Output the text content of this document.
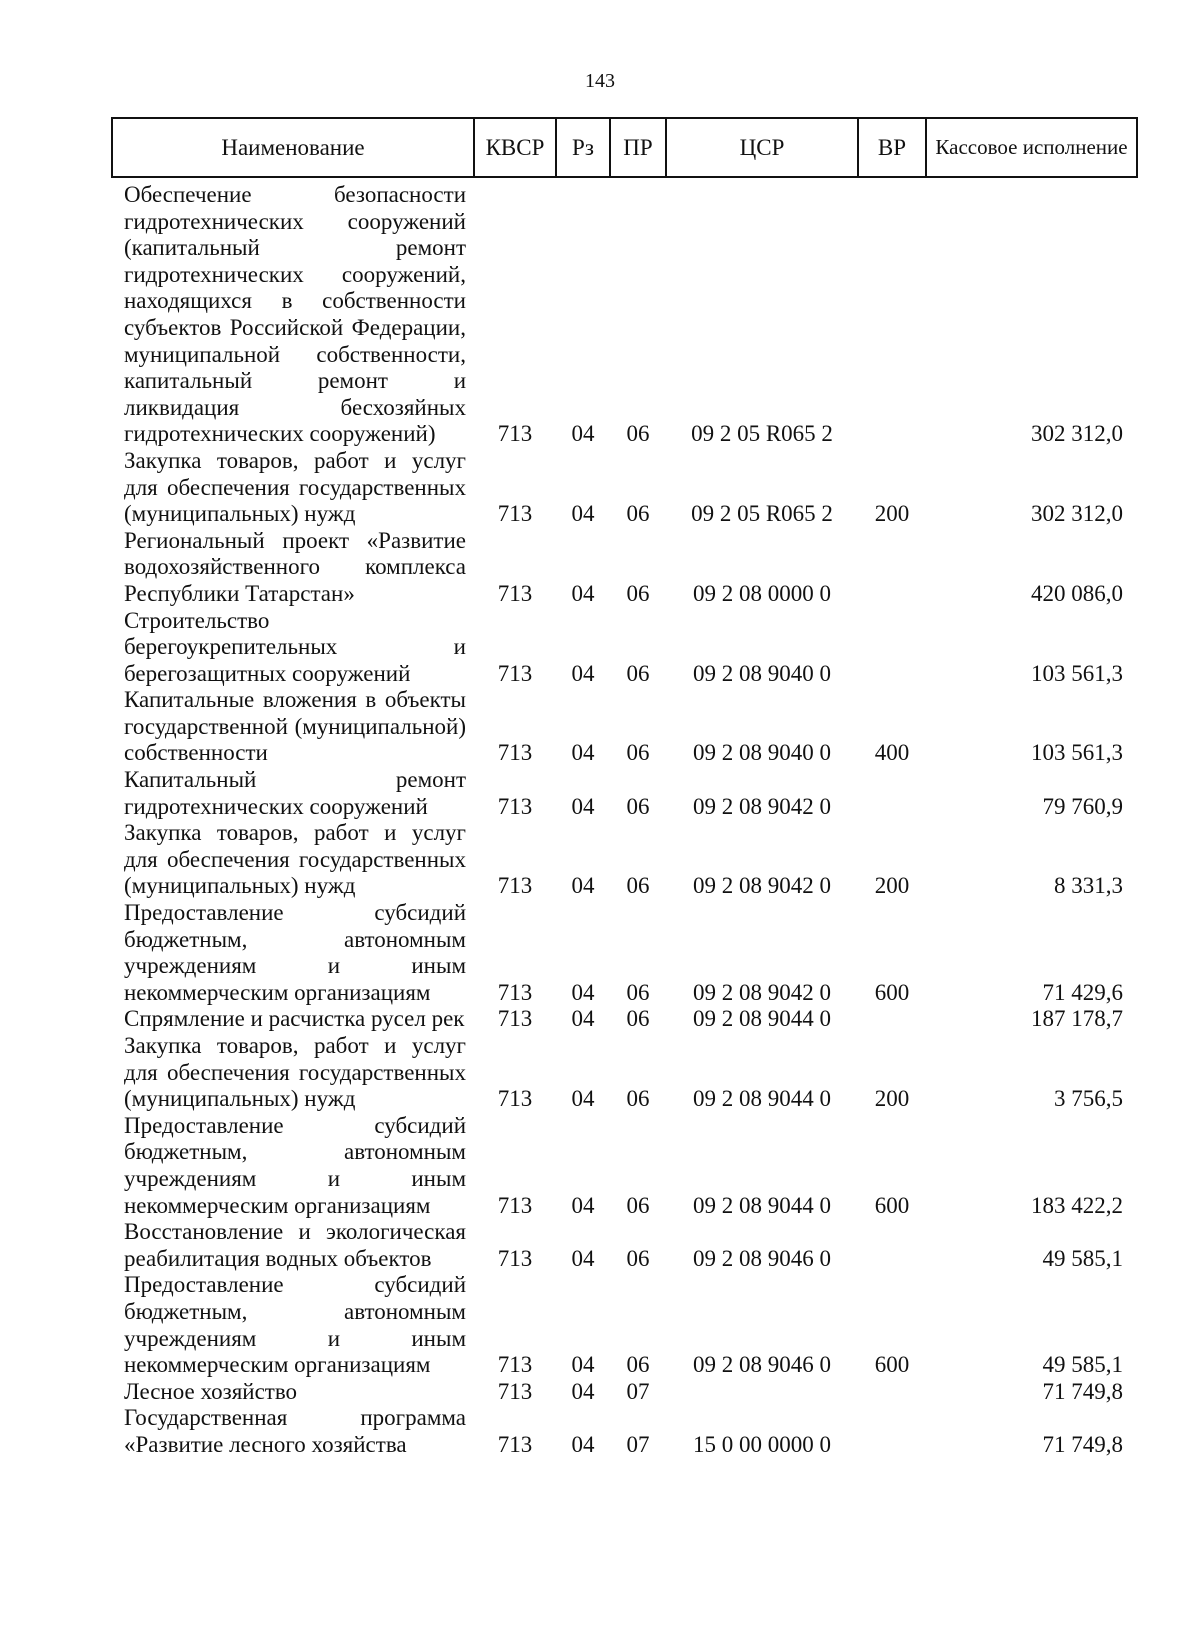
143
Наименование	КВСР	Рз	ПР	ЦСР	ВР	Кассовое исполнение
Обеспечение безопасности гидротехнических сооружений (капитальный ремонт гидротехнических сооружений, находящихся в собственности субъектов Российской Федерации, муниципальной собственности, капитальный ремонт и ликвидация бесхозяйных гидротехнических сооружений)	713	04	06	09 2 05 R065 2		302 312,0
Закупка товаров, работ и услуг для обеспечения государственных (муниципальных) нужд	713	04	06	09 2 05 R065 2	200	302 312,0
Региональный проект «Развитие водохозяйственного комплекса Республики Татарстан»	713	04	06	09 2 08 0000 0		420 086,0
Строительство берегоукрепительных и берегозащитных сооружений	713	04	06	09 2 08 9040 0		103 561,3
Капитальные вложения в объекты государственной (муниципальной) собственности	713	04	06	09 2 08 9040 0	400	103 561,3
Капитальный ремонт гидротехнических сооружений	713	04	06	09 2 08 9042 0		79 760,9
Закупка товаров, работ и услуг для обеспечения государственных (муниципальных) нужд	713	04	06	09 2 08 9042 0	200	8 331,3
Предоставление субсидий бюджетным, автономным учреждениям и иным некоммерческим организациям	713	04	06	09 2 08 9042 0	600	71 429,6
Спрямление и расчистка русел рек	713	04	06	09 2 08 9044 0		187 178,7
Закупка товаров, работ и услуг для обеспечения государственных (муниципальных) нужд	713	04	06	09 2 08 9044 0	200	3 756,5
Предоставление субсидий бюджетным, автономным учреждениям и иным некоммерческим организациям	713	04	06	09 2 08 9044 0	600	183 422,2
Восстановление и экологическая реабилитация водных объектов	713	04	06	09 2 08 9046 0		49 585,1
Предоставление субсидий бюджетным, автономным учреждениям и иным некоммерческим организациям	713	04	06	09 2 08 9046 0	600	49 585,1
Лесное хозяйство	713	04	07			71 749,8
Государственная программа «Развитие лесного хозяйства	713	04	07	15 0 00 0000 0		71 749,8
